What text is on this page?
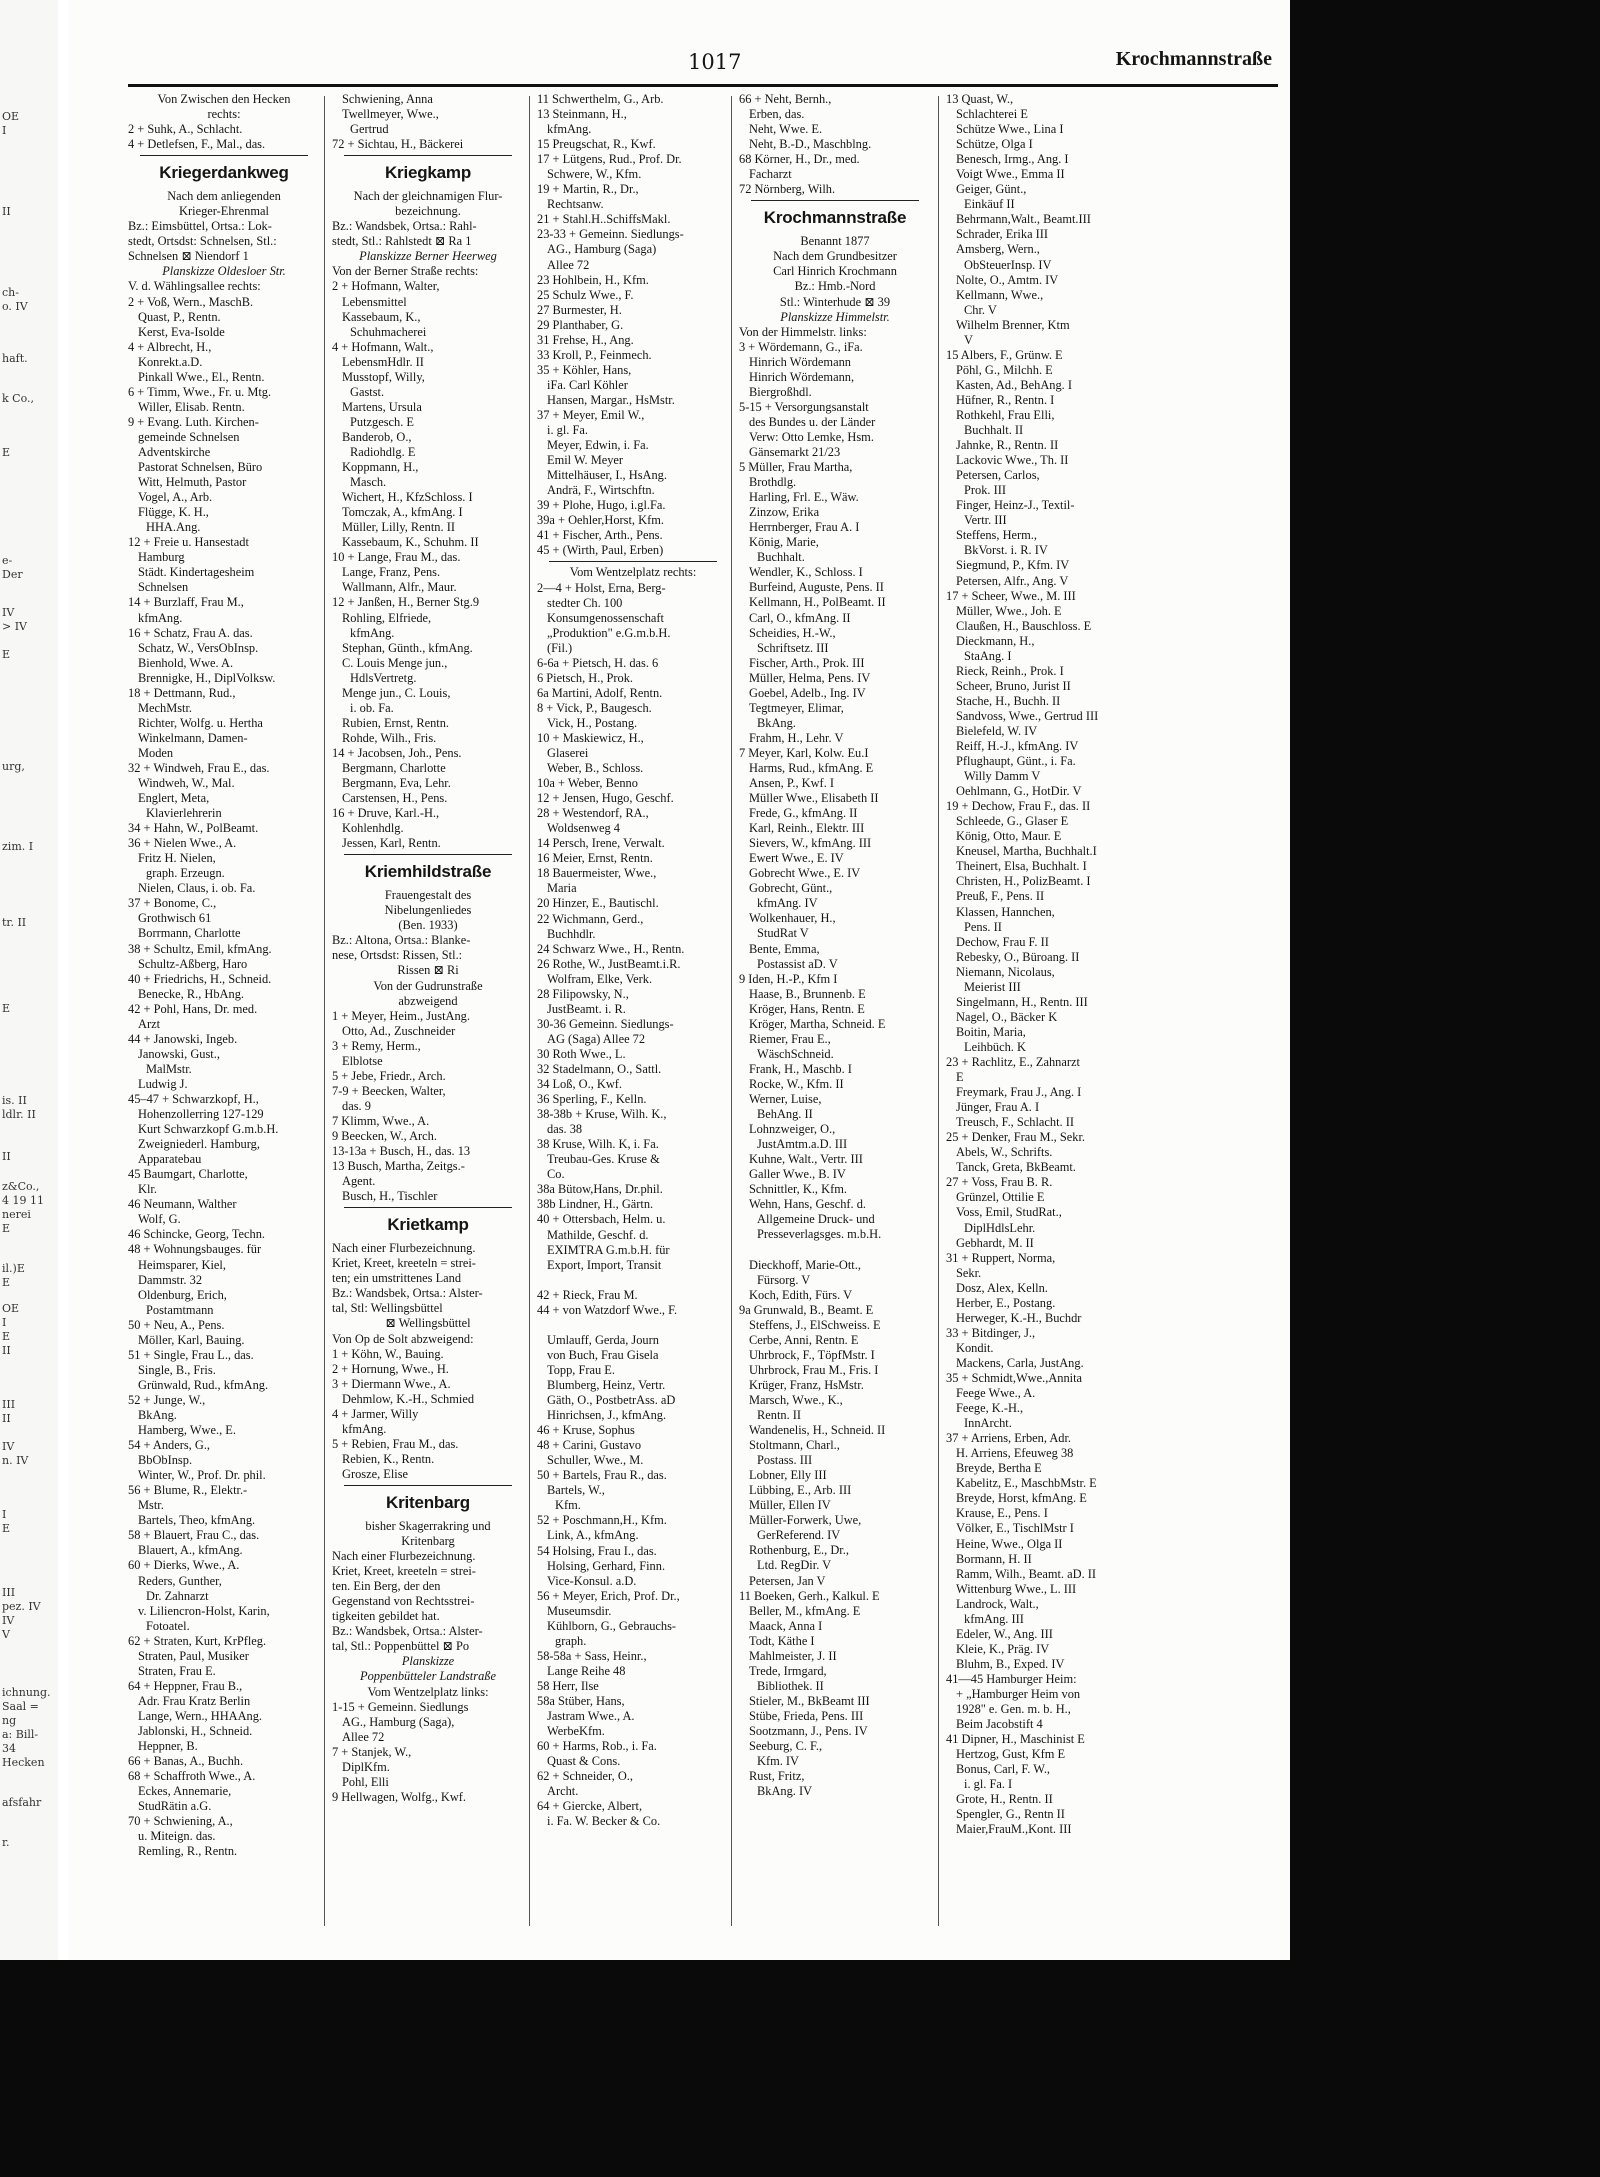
OE
I
II
ch-
o. IV
haft.
k Co.,
E
e-
Der
IV
> IV
E
urg,
zim. I
tr. II
E
is. II
ldlr. II
II
z&Co.,
4 19 11
nerei
E
il.)E
E
OE
I
E
II
III
II
IV
n. IV
I
E
III
pez. IV
IV
V
ichnung.
Saal =
ng
a: Bill-
34
Hecken
afsfahr
r.
1017	Krochmannstraße
Von Zwischen den Hecken
rechts:
2 + Suhk, A., Schlacht.
4 + Detlefsen, F., Mal., das.
Kriegerdankweg
Nach dem anliegenden
Krieger-Ehrenmal
Bz.: Eimsbüttel, Ortsa.: Lok-
stedt, Ortsdst: Schnelsen, Stl.:
Schnelsen ⊠ Niendorf 1
Planskizze Oldesloer Str.
V. d. Wählingsallee rechts:
2 + Voß, Wern., MaschB.
Quast, P., Rentn.
Kerst, Eva-Isolde
4 + Albrecht, H.,
Konrekt.a.D.
Pinkall Wwe., El., Rentn.
6 + Timm, Wwe., Fr. u. Mtg.
Willer, Elisab. Rentn.
9 + Evang. Luth. Kirchen-
gemeinde Schnelsen
Adventskirche
Pastorat Schnelsen, Büro
Witt, Helmuth, Pastor
Vogel, A., Arb.
Flügge, K. H.,
HHA.Ang.
12 + Freie u. Hansestadt
Hamburg
Städt. Kindertagesheim
Schnelsen
14 + Burzlaff, Frau M.,
kfmAng.
16 + Schatz, Frau A. das.
Schatz, W., VersObInsp.
Bienhold, Wwe. A.
Brennigke, H., DiplVolksw.
18 + Dettmann, Rud.,
MechMstr.
Richter, Wolfg. u. Hertha
Winkelmann, Damen-
Moden
32 + Windweh, Frau E., das.
Windweh, W., Mal.
Englert, Meta,
Klavierlehrerin
34 + Hahn, W., PolBeamt.
36 + Nielen Wwe., A.
Fritz H. Nielen,
graph. Erzeugn.
Nielen, Claus, i. ob. Fa.
37 + Bonome, C.,
Grothwisch 61
Borrmann, Charlotte
38 + Schultz, Emil, kfmAng.
Schultz-Aßberg, Haro
40 + Friedrichs, H., Schneid.
Benecke, R., HbAng.
42 + Pohl, Hans, Dr. med.
Arzt
44 + Janowski, Ingeb.
Janowski, Gust.,
MalMstr.
Ludwig J.
45–47 + Schwarzkopf, H.,
Hohenzollerring 127-129
Kurt Schwarzkopf G.m.b.H.
Zweigniederl. Hamburg,
Apparatebau
45 Baumgart, Charlotte,
Klr.
46 Neumann, Walther
Wolf, G.
46 Schincke, Georg, Techn.
48 + Wohnungsbauges. für
Heimsparer, Kiel,
Dammstr. 32
Oldenburg, Erich,
Postamtmann
50 + Neu, A., Pens.
Möller, Karl, Bauing.
51 + Single, Frau L., das.
Single, B., Fris.
Grünwald, Rud., kfmAng.
52 + Junge, W.,
BkAng.
Hamberg, Wwe., E.
54 + Anders, G.,
BbObInsp.
Winter, W., Prof. Dr. phil.
56 + Blume, R., Elektr.-
Mstr.
Bartels, Theo, kfmAng.
58 + Blauert, Frau C., das.
Blauert, A., kfmAng.
60 + Dierks, Wwe., A.
Reders, Gunther,
Dr. Zahnarzt
v. Liliencron-Holst, Karin,
Fotoatel.
62 + Straten, Kurt, KrPfleg.
Straten, Paul, Musiker
Straten, Frau E.
64 + Heppner, Frau B.,
Adr. Frau Kratz Berlin
Lange, Wern., HHAAng.
Jablonski, H., Schneid.
Heppner, B.
66 + Banas, A., Buchh.
68 + Schaffroth Wwe., A.
Eckes, Annemarie,
StudRätin a.G.
70 + Schwiening, A.,
u. Miteign. das.
Remling, R., Rentn.
Schwiening, Anna
Twellmeyer, Wwe.,
Gertrud
72 + Sichtau, H., Bäckerei
Kriegkamp
Nach der gleichnamigen Flur-
bezeichnung.
Bz.: Wandsbek, Ortsa.: Rahl-
stedt, Stl.: Rahlstedt ⊠ Ra 1
Planskizze Berner Heerweg
Von der Berner Straße rechts:
2 + Hofmann, Walter,
Lebensmittel
Kassebaum, K.,
Schuhmacherei
4 + Hofmann, Walt.,
LebensmHdlr. II
Musstopf, Willy,
Gastst.
Martens, Ursula
Putzgesch. E
Banderob, O.,
Radiohdlg. E
Koppmann, H.,
Masch.
Wichert, H., KfzSchloss. I
Tomczak, A., kfmAng. I
Müller, Lilly, Rentn. II
Kassebaum, K., Schuhm. II
10 + Lange, Frau M., das.
Lange, Franz, Pens.
Wallmann, Alfr., Maur.
12 + Janßen, H., Berner Stg.9
Rohling, Elfriede,
kfmAng.
Stephan, Günth., kfmAng.
C. Louis Menge jun.,
HdlsVertretg.
Menge jun., C. Louis,
i. ob. Fa.
Rubien, Ernst, Rentn.
Rohde, Wilh., Fris.
14 + Jacobsen, Joh., Pens.
Bergmann, Charlotte
Bergmann, Eva, Lehr.
Carstensen, H., Pens.
16 + Druve, Karl.-H.,
Kohlenhdlg.
Jessen, Karl, Rentn.
Kriemhildstraße
Frauengestalt des
Nibelungenliedes
(Ben. 1933)
Bz.: Altona, Ortsa.: Blanke-
nese, Ortsdst: Rissen, Stl.:
Rissen ⊠ Ri
Von der Gudrunstraße
abzweigend
1 + Meyer, Heim., JustAng.
Otto, Ad., Zuschneider
3 + Remy, Herm.,
Elblotse
5 + Jebe, Friedr., Arch.
7-9 + Beecken, Walter,
das. 9
7 Klimm, Wwe., A.
9 Beecken, W., Arch.
13-13a + Busch, H., das. 13
13 Busch, Martha, Zeitgs.-
Agent.
Busch, H., Tischler
Krietkamp
Nach einer Flurbezeichnung.
Kriet, Kreet, kreeteln = strei-
ten; ein umstrittenes Land
Bz.: Wandsbek, Ortsa.: Alster-
tal, Stl: Wellingsbüttel
⊠ Wellingsbüttel
Von Op de Solt abzweigend:
1 + Köhn, W., Bauing.
2 + Hornung, Wwe., H.
3 + Diermann Wwe., A.
Dehmlow, K.-H., Schmied
4 + Jarmer, Willy
kfmAng.
5 + Rebien, Frau M., das.
Rebien, K., Rentn.
Grosze, Elise
Kritenbarg
bisher Skagerrakring und
Kritenbarg
Nach einer Flurbezeichnung.
Kriet, Kreet, kreeteln = strei-
ten. Ein Berg, der den
Gegenstand von Rechtsstrei-
tigkeiten gebildet hat.
Bz.: Wandsbek, Ortsa.: Alster-
tal, Stl.: Poppenbüttel ⊠ Po
Planskizze
Poppenbütteler Landstraße
Vom Wentzelplatz links:
1-15 + Gemeinn. Siedlungs
AG., Hamburg (Saga),
Allee 72
7 + Stanjek, W.,
DiplKfm.
Pohl, Elli
9 Hellwagen, Wolfg., Kwf.
11 Schwerthelm, G., Arb.
13 Steinmann, H.,
kfmAng.
15 Preugschat, R., Kwf.
17 + Lütgens, Rud., Prof. Dr.
Schwere, W., Kfm.
19 + Martin, R., Dr.,
Rechtsanw.
21 + Stahl.H..SchiffsMakl.
23-33 + Gemeinn. Siedlungs-
AG., Hamburg (Saga)
Allee 72
23 Hohlbein, H., Kfm.
25 Schulz Wwe., F.
27 Burmester, H.
29 Planthaber, G.
31 Frehse, H., Ang.
33 Kroll, P., Feinmech.
35 + Köhler, Hans,
iFa. Carl Köhler
Hansen, Margar., HsMstr.
37 + Meyer, Emil W.,
i. gl. Fa.
Meyer, Edwin, i. Fa.
Emil W. Meyer
Mittelhäuser, I., HsAng.
Andrä, F., Wirtschftn.
39 + Plohe, Hugo, i.gl.Fa.
39a + Oehler,Horst, Kfm.
41 + Fischer, Arth., Pens.
45 + (Wirth, Paul, Erben)
Vom Wentzelplatz rechts:
2—4 + Holst, Erna, Berg-
stedter Ch. 100
Konsumgenossenschaft
„Produktion" e.G.m.b.H.
(Fil.)
6-6a + Pietsch, H. das. 6
6 Pietsch, H., Prok.
6a Martini, Adolf, Rentn.
8 + Vick, P., Baugesch.
Vick, H., Postang.
10 + Maskiewicz, H.,
Glaserei
Weber, B., Schloss.
10a + Weber, Benno
12 + Jensen, Hugo, Geschf.
28 + Westendorf, RA.,
Woldsenweg 4
14 Persch, Irene, Verwalt.
16 Meier, Ernst, Rentn.
18 Bauermeister, Wwe.,
Maria
20 Hinzer, E., Bautischl.
22 Wichmann, Gerd.,
Buchhdlr.
24 Schwarz Wwe., H., Rentn.
26 Rothe, W., JustBeamt.i.R.
Wolfram, Elke, Verk.
28 Filipowsky, N.,
JustBeamt. i. R.
30-36 Gemeinn. Siedlungs-
AG (Saga) Allee 72
30 Roth Wwe., L.
32 Stadelmann, O., Sattl.
34 Loß, O., Kwf.
36 Sperling, F., Kelln.
38-38b + Kruse, Wilh. K.,
das. 38
38 Kruse, Wilh. K, i. Fa.
Treubau-Ges. Kruse &
Co.
38a Bütow,Hans, Dr.phil.
38b Lindner, H., Gärtn.
40 + Ottersbach, Helm. u.
Mathilde, Geschf. d.
EXIMTRA G.m.b.H. für
Export, Import, Transit

42 + Rieck, Frau M.
44 + von Watzdorf Wwe., F.

Umlauff, Gerda, Journ
von Buch, Frau Gisela
Topp, Frau E.
Blumberg, Heinz, Vertr.
Gäth, O., PostbetrAss. aD
Hinrichsen, J., kfmAng.
46 + Kruse, Sophus
48 + Carini, Gustavo
Schuller, Wwe., M.
50 + Bartels, Frau R., das.
Bartels, W.,
Kfm.
52 + Poschmann,H., Kfm.
Link, A., kfmAng.
54 Holsing, Frau I., das.
Holsing, Gerhard, Finn.
Vice-Konsul. a.D.
56 + Meyer, Erich, Prof. Dr.,
Museumsdir.
Kühlborn, G., Gebrauchs-
graph.
58-58a + Sass, Heinr.,
Lange Reihe 48
58 Herr, Ilse
58a Stüber, Hans,
Jastram Wwe., A.
WerbeKfm.
60 + Harms, Rob., i. Fa.
Quast & Cons.
62 + Schneider, O.,
Archt.
64 + Giercke, Albert,
i. Fa. W. Becker & Co.
66 + Neht, Bernh.,
Erben, das.
Neht, Wwe. E.
Neht, B.-D., Maschblng.
68 Körner, H., Dr., med.
Facharzt
72 Nörnberg, Wilh.
Krochmannstraße
Benannt 1877
Nach dem Grundbesitzer
Carl Hinrich Krochmann
Bz.: Hmb.-Nord
Stl.: Winterhude ⊠ 39
Planskizze Himmelstr.
Von der Himmelstr. links:
3 + Wördemann, G., iFa.
Hinrich Wördemann
Hinrich Wördemann,
Biergroßhdl.
5-15 + Versorgungsanstalt
des Bundes u. der Länder
Verw: Otto Lemke, Hsm.
Gänsemarkt 21/23
5 Müller, Frau Martha,
Brothdlg.
Harling, Frl. E., Wäw.
Zinzow, Erika
Herrnberger, Frau A. I
König, Marie,
Buchhalt.
Wendler, K., Schloss. I
Burfeind, Auguste, Pens. II
Kellmann, H., PolBeamt. II
Carl, O., kfmAng. II
Scheidies, H.-W.,
Schriftsetz. III
Fischer, Arth., Prok. III
Müller, Helma, Pens. IV
Goebel, Adelb., Ing. IV
Tegtmeyer, Elimar,
BkAng.
Frahm, H., Lehr. V
7 Meyer, Karl, Kolw. Eu.I
Harms, Rud., kfmAng. E
Ansen, P., Kwf. I
Müller Wwe., Elisabeth II
Frede, G., kfmAng. II
Karl, Reinh., Elektr. III
Sievers, W., kfmAng. III
Ewert Wwe., E. IV
Gobrecht Wwe., E. IV
Gobrecht, Günt.,
kfmAng. IV
Wolkenhauer, H.,
StudRat V
Bente, Emma,
Postassist aD. V
9 Iden, H.-P., Kfm I
Haase, B., Brunnenb. E
Kröger, Hans, Rentn. E
Kröger, Martha, Schneid. E
Riemer, Frau E.,
WäschSchneid.
Frank, H., Maschb. I
Rocke, W., Kfm. II
Werner, Luise,
BehAng. II
Lohnzweiger, O.,
JustAmtm.a.D. III
Kuhne, Walt., Vertr. III
Galler Wwe., B. IV
Schnittler, K., Kfm.
Wehn, Hans, Geschf. d.
Allgemeine Druck- und
Presseverlagsges. m.b.H.

Dieckhoff, Marie-Ott.,
Fürsorg. V
Koch, Edith, Fürs. V
9a Grunwald, B., Beamt. E
Steffens, J., ElSchweiss. E
Cerbe, Anni, Rentn. E
Uhrbrock, F., TöpfMstr. I
Uhrbrock, Frau M., Fris. I
Krüger, Franz, HsMstr.
Marsch, Wwe., K.,
Rentn. II
Wandenelis, H., Schneid. II
Stoltmann, Charl.,
Postass. III
Lobner, Elly III
Lübbing, E., Arb. III
Müller, Ellen IV
Müller-Forwerk, Uwe,
GerReferend. IV
Rothenburg, E., Dr.,
Ltd. RegDir. V
Petersen, Jan V
11 Boeken, Gerh., Kalkul. E
Beller, M., kfmAng. E
Maack, Anna I
Todt, Käthe I
Mahlmeister, J. II
Trede, Irmgard,
Bibliothek. II
Stieler, M., BkBeamt III
Stübe, Frieda, Pens. III
Sootzmann, J., Pens. IV
Seeburg, C. F.,
Kfm. IV
Rust, Fritz,
BkAng. IV
13 Quast, W.,
Schlachterei E
Schütze Wwe., Lina I
Schütze, Olga I
Benesch, Irmg., Ang. I
Voigt Wwe., Emma II
Geiger, Günt.,
Einkäuf II
Behrmann,Walt., Beamt.III
Schrader, Erika III
Amsberg, Wern.,
ObSteuerInsp. IV
Nolte, O., Amtm. IV
Kellmann, Wwe.,
Chr. V
Wilhelm Brenner, Ktm
V
15 Albers, F., Grünw. E
Pöhl, G., Milchh. E
Kasten, Ad., BehAng. I
Hüfner, R., Rentn. I
Rothkehl, Frau Elli,
Buchhalt. II
Jahnke, R., Rentn. II
Lackovic Wwe., Th. II
Petersen, Carlos,
Prok. III
Finger, Heinz-J., Textil-
Vertr. III
Steffens, Herm.,
BkVorst. i. R. IV
Siegmund, P., Kfm. IV
Petersen, Alfr., Ang. V
17 + Scheer, Wwe., M. III
Müller, Wwe., Joh. E
Claußen, H., Bauschloss. E
Dieckmann, H.,
StaAng. I
Rieck, Reinh., Prok. I
Scheer, Bruno, Jurist II
Stache, H., Buchh. II
Sandvoss, Wwe., Gertrud III
Bielefeld, W. IV
Reiff, H.-J., kfmAng. IV
Pflughaupt, Günt., i. Fa.
Willy Damm V
Oehlmann, G., HotDir. V
19 + Dechow, Frau F., das. II
Schleede, G., Glaser E
König, Otto, Maur. E
Kneusel, Martha, Buchhalt.I
Theinert, Elsa, Buchhalt. I
Christen, H., PolizBeamt. I
Preuß, F., Pens. II
Klassen, Hannchen,
Pens. II
Dechow, Frau F. II
Rebesky, O., Büroang. II
Niemann, Nicolaus,
Meierist III
Singelmann, H., Rentn. III
Nagel, O., Bäcker K
Boitin, Maria,
Leihbüch. K
23 + Rachlitz, E., Zahnarzt
E
Freymark, Frau J., Ang. I
Jünger, Frau A. I
Treusch, F., Schlacht. II
25 + Denker, Frau M., Sekr.
Abels, W., Schrifts.
Tanck, Greta, BkBeamt.
27 + Voss, Frau B. R.
Grünzel, Ottilie E
Voss, Emil, StudRat.,
DiplHdlsLehr.
Gebhardt, M. II
31 + Ruppert, Norma,
Sekr.
Dosz, Alex, Kelln.
Herber, E., Postang.
Herweger, K.-H., Buchdr
33 + Bitdinger, J.,
Kondit.
Mackens, Carla, JustAng.
35 + Schmidt,Wwe.,Annita
Feege Wwe., A.
Feege, K.-H.,
InnArcht.
37 + Arriens, Erben, Adr.
H. Arriens, Efeuweg 38
Breyde, Bertha E
Kabelitz, E., MaschbMstr. E
Breyde, Horst, kfmAng. E
Krause, E., Pens. I
Völker, E., TischlMstr I
Heine, Wwe., Olga II
Bormann, H. II
Ramm, Wilh., Beamt. aD. II
Wittenburg Wwe., L. III
Landrock, Walt.,
kfmAng. III
Edeler, W., Ang. III
Kleie, K., Präg. IV
Bluhm, B., Exped. IV
41—45 Hamburger Heim:
+ „Hamburger Heim von
1928" e. Gen. m. b. H.,
Beim Jacobstift 4
41 Dipner, H., Maschinist E
Hertzog, Gust, Kfm E
Bonus, Carl, F. W.,
i. gl. Fa. I
Grote, H., Rentn. II
Spengler, G., Rentn II
Maier,FrauM.,Kont. III
